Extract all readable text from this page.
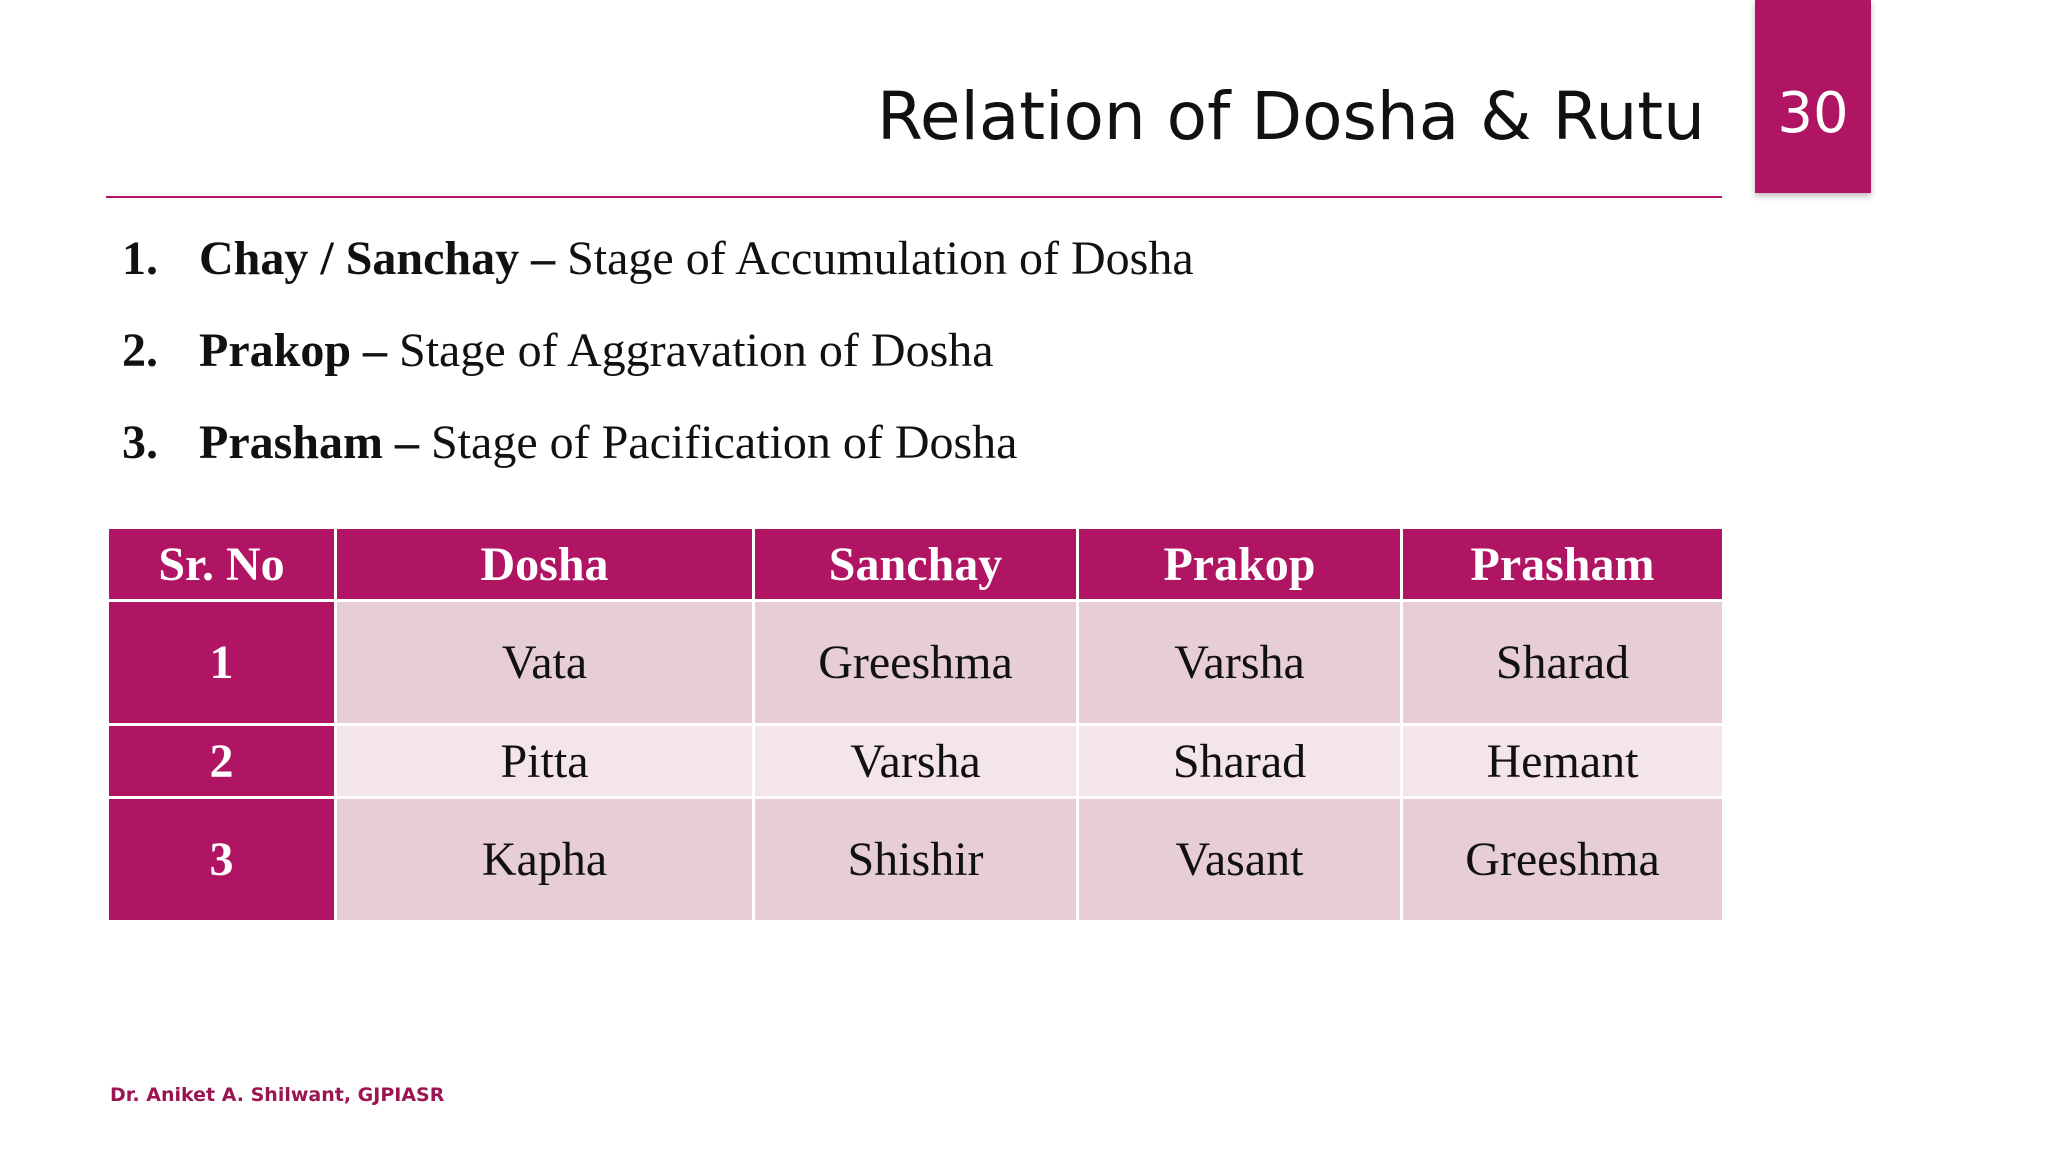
30
Relation of Dosha & Rutu
1. Chay / Sanchay – Stage of Accumulation of Dosha
2. Prakop – Stage of Aggravation of Dosha
3. Prasham – Stage of Pacification of Dosha
Sr. No	Dosha	Sanchay	Prakop	Prasham
1	Vata	Greeshma	Varsha	Sharad
2	Pitta	Varsha	Sharad	Hemant
3	Kapha	Shishir	Vasant	Greeshma
Dr. Aniket A. Shilwant, GJPIASR
